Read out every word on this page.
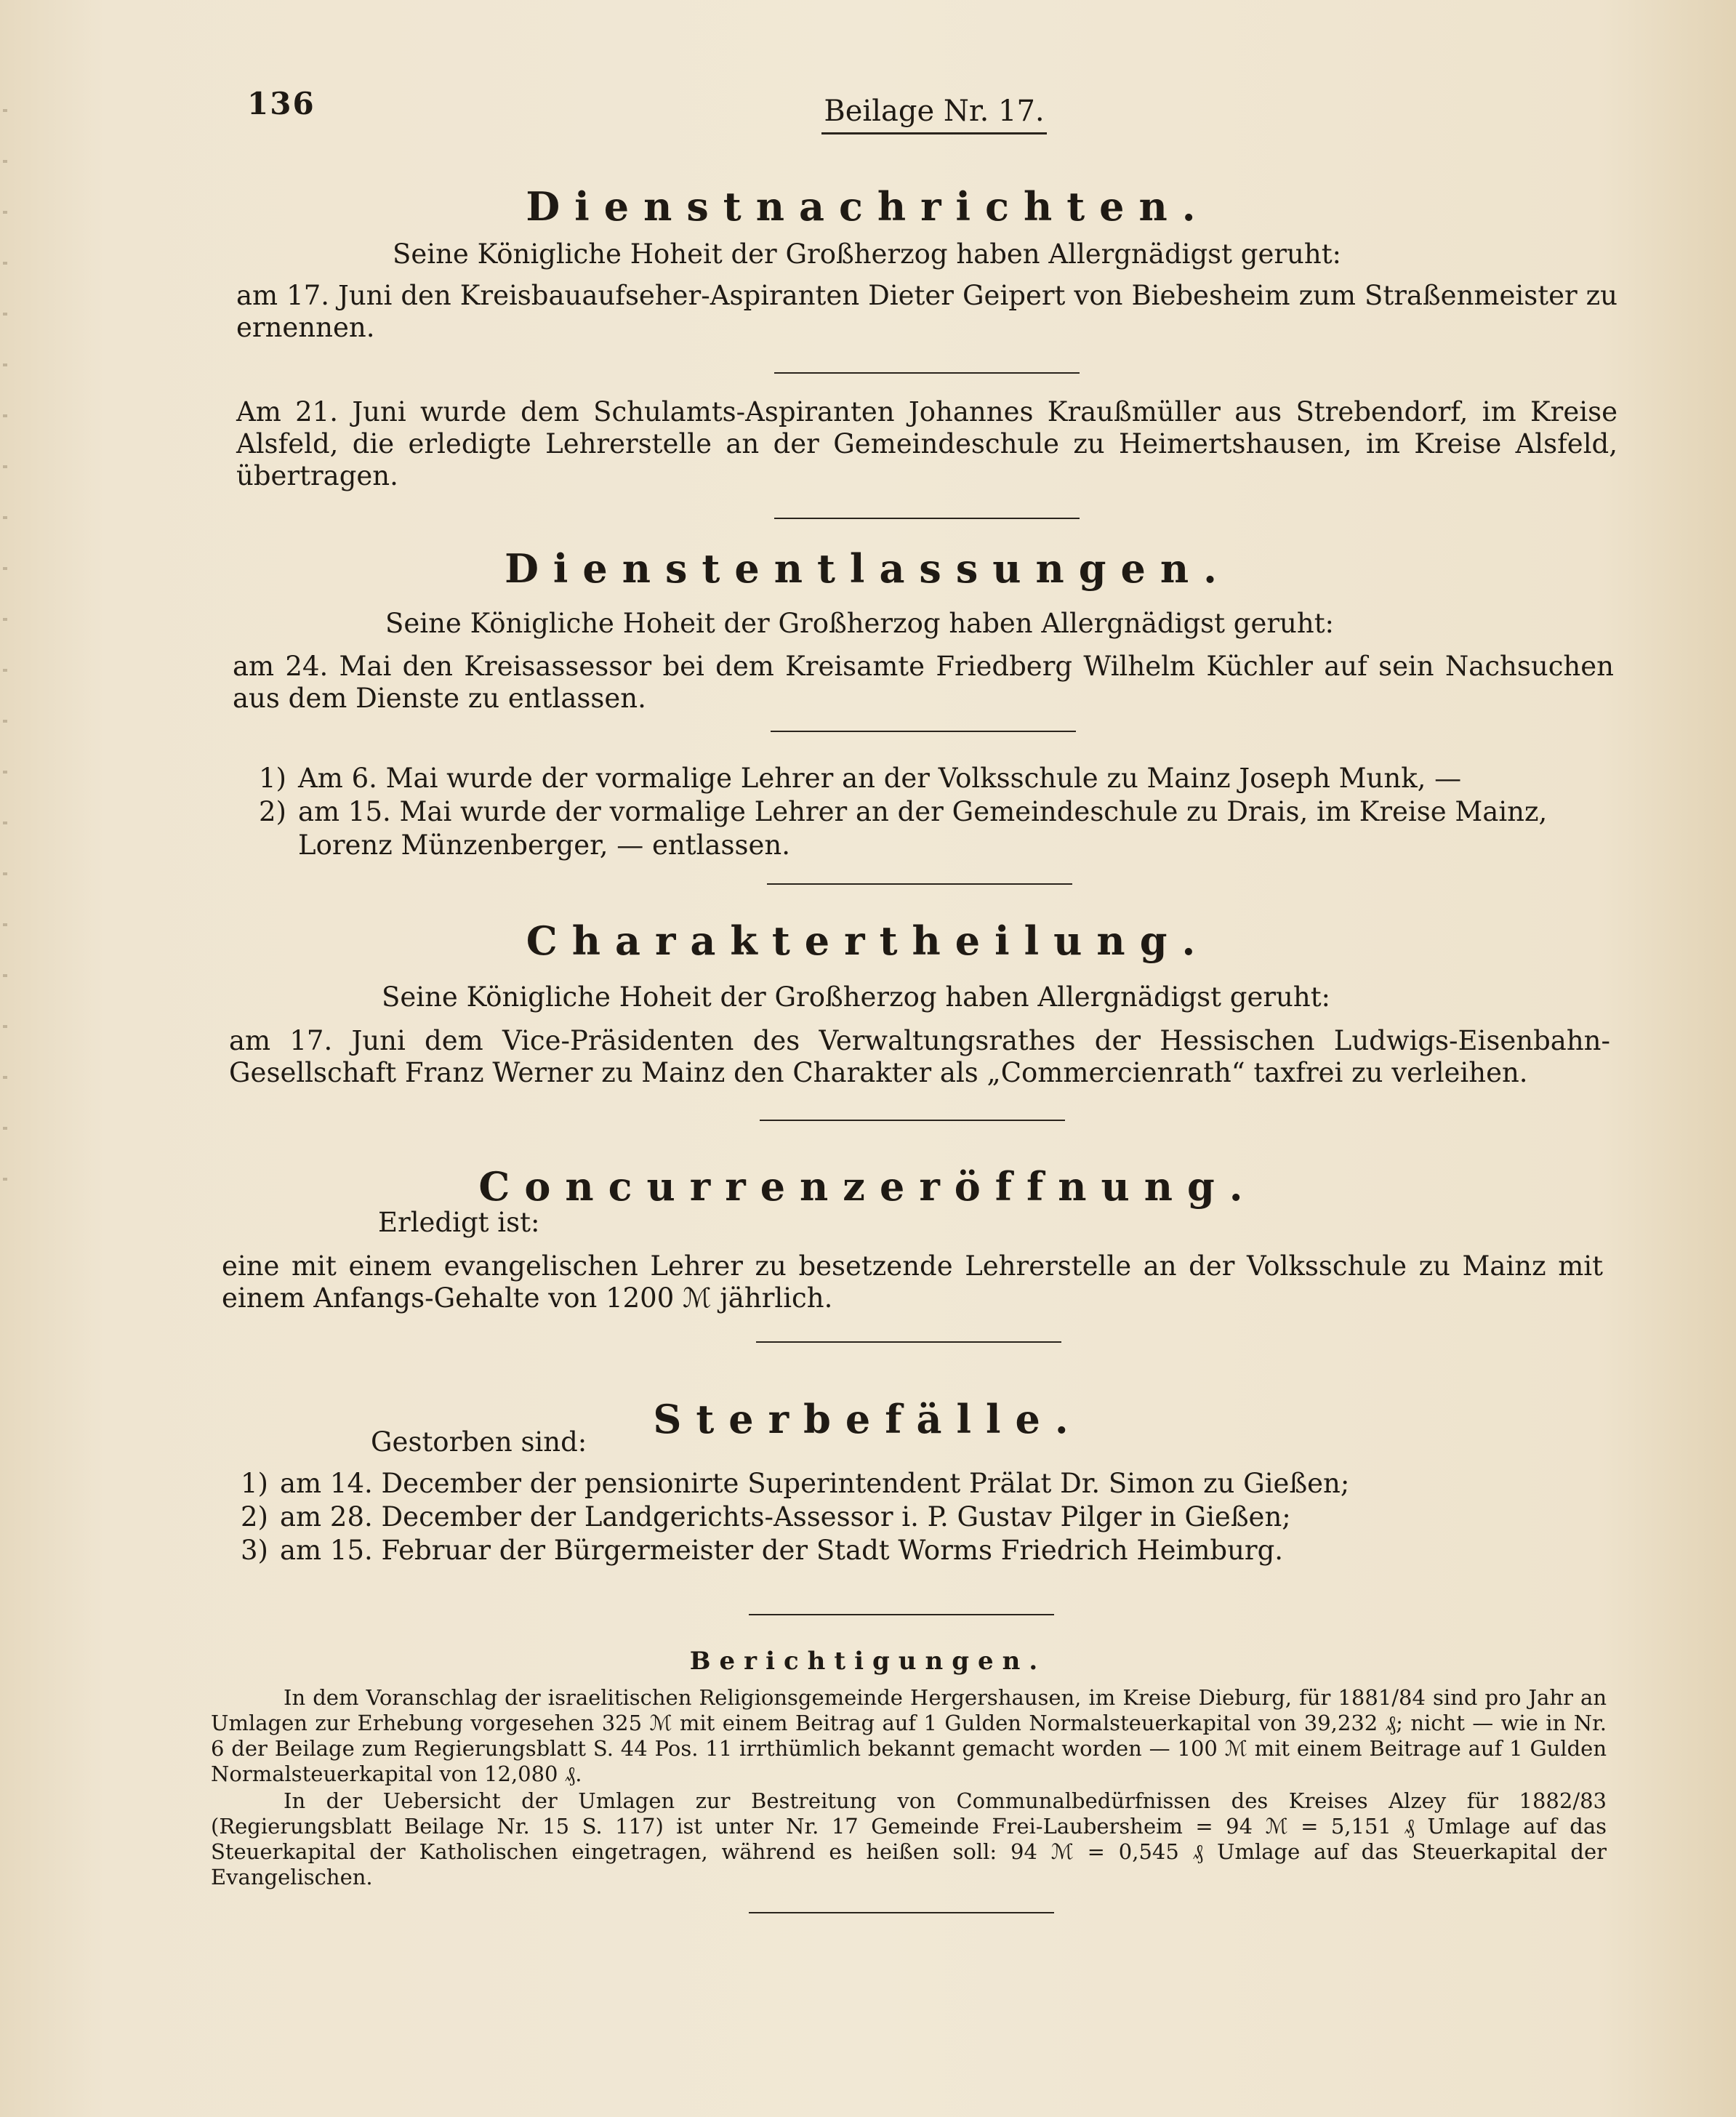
136	Beilage Nr. 17.
Dienstnachrichten.
Seine Königliche Hoheit der Großherzog haben Allergnädigst geruht:
am 17. Juni den Kreisbauaufseher-Aspiranten Dieter Geipert von Biebesheim zum Straßenmeister zu ernennen.
Am 21. Juni wurde dem Schulamts-Aspiranten Johannes Kraußmüller aus Strebendorf, im Kreise Alsfeld, die erledigte Lehrerstelle an der Gemeindeschule zu Heimertshausen, im Kreise Alsfeld, übertragen.
Dienstentlassungen.
Seine Königliche Hoheit der Großherzog haben Allergnädigst geruht:
am 24. Mai den Kreisassessor bei dem Kreisamte Friedberg Wilhelm Küchler auf sein Nachsuchen aus dem Dienste zu entlassen.
1) Am 6. Mai wurde der vormalige Lehrer an der Volksschule zu Mainz Joseph Munk, —
2) am 15. Mai wurde der vormalige Lehrer an der Gemeindeschule zu Drais, im Kreise Mainz, Lorenz Münzenberger, — entlassen.
Charaktertheilung.
Seine Königliche Hoheit der Großherzog haben Allergnädigst geruht:
am 17. Juni dem Vice-Präsidenten des Verwaltungsrathes der Hessischen Ludwigs-Eisenbahn-Gesellschaft Franz Werner zu Mainz den Charakter als „Commercienrath“ taxfrei zu verleihen.
Concurrenzeröffnung.
Erledigt ist:
eine mit einem evangelischen Lehrer zu besetzende Lehrerstelle an der Volksschule zu Mainz mit einem Anfangs-Gehalte von 1200 ℳ jährlich.
Sterbefälle.
Gestorben sind:
1) am 14. December der pensionirte Superintendent Prälat Dr. Simon zu Gießen;
2) am 28. December der Landgerichts-Assessor i. P. Gustav Pilger in Gießen;
3) am 15. Februar der Bürgermeister der Stadt Worms Friedrich Heimburg.
Berichtigungen.
In dem Voranschlag der israelitischen Religionsgemeinde Hergershausen, im Kreise Dieburg, für 1881/84 sind pro Jahr an Umlagen zur Erhebung vorgesehen 325 ℳ mit einem Beitrag auf 1 Gulden Normalsteuerkapital von 39,232 ₰; nicht — wie in Nr. 6 der Beilage zum Regierungsblatt S. 44 Pos. 11 irrthümlich bekannt gemacht worden — 100 ℳ mit einem Beitrage auf 1 Gulden Normalsteuerkapital von 12,080 ₰.
In der Uebersicht der Umlagen zur Bestreitung von Communalbedürfnissen des Kreises Alzey für 1882/83 (Regierungsblatt Beilage Nr. 15 S. 117) ist unter Nr. 17 Gemeinde Frei-Laubersheim = 94 ℳ = 5,151 ₰ Umlage auf das Steuerkapital der Katholischen eingetragen, während es heißen soll: 94 ℳ = 0,545 ₰ Umlage auf das Steuerkapital der Evangelischen.
